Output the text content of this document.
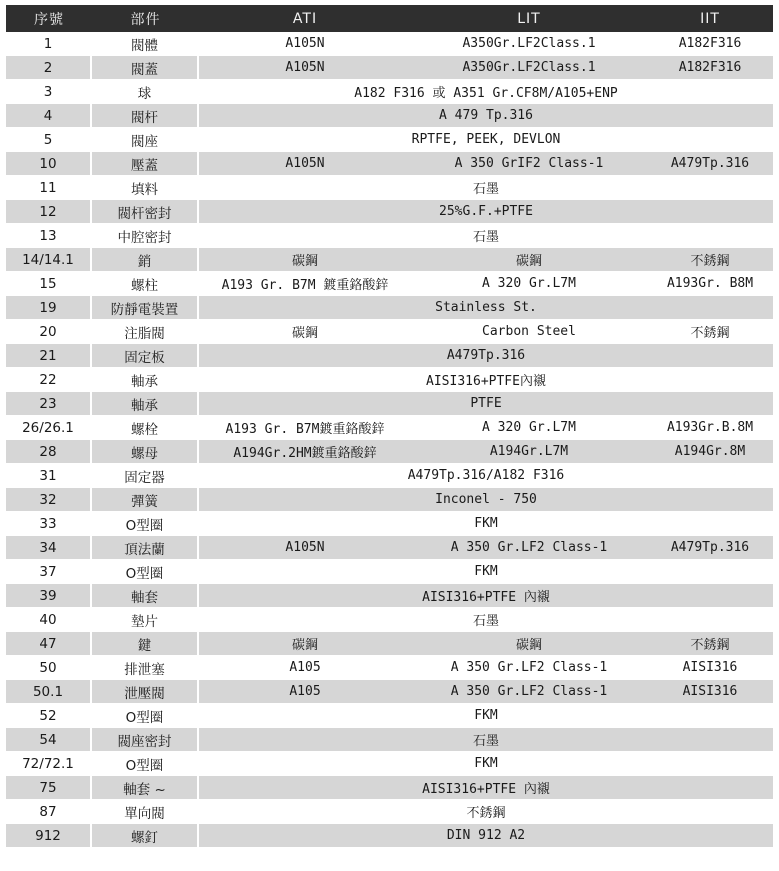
序號	部件	ATI	LIT	IIT
1	閥體	A105N	A350Gr.LF2Class.1	A182F316
2	閥蓋	A105N	A350Gr.LF2Class.1	A182F316
3	球	A182 F316 或 A351 Gr.CF8M/A105+ENP		
4	閥杆	A 479 Tp.316		
5	閥座	RPTFE, PEEK, DEVLON		
10	壓蓋	A105N	A 350 GrIF2 Class-1	A479Tp.316
11	填料	石墨		
12	閥杆密封	25%G.F.+PTFE		
13	中腔密封	石墨		
14/14.1	銷	碳鋼	碳鋼	不銹鋼
15	螺柱	A193 Gr. B7M 鍍重鉻酸鋅	A 320 Gr.L7M	A193Gr. B8M
19	防靜電裝置	Stainless St.		
20	注脂閥	碳鋼	Carbon Steel	不銹鋼
21	固定板	A479Tp.316		
22	軸承	AISI316+PTFE內襯		
23	軸承	PTFE		
26/26.1	螺栓	A193 Gr. B7M鍍重鉻酸鋅	A 320 Gr.L7M	A193Gr.B.8M
28	螺母	A194Gr.2HM鍍重鉻酸鋅	A194Gr.L7M	A194Gr.8M
31	固定器	A479Tp.316/A182 F316		
32	彈簧	Inconel - 750		
33	O型圈	FKM		
34	頂法蘭	A105N	A 350 Gr.LF2 Class-1	A479Tp.316
37	O型圈	FKM		
39	軸套	AISI316+PTFE 內襯		
40	墊片	石墨		
47	鍵	碳鋼	碳鋼	不銹鋼
50	排泄塞	A105	A 350 Gr.LF2 Class-1	AISI316
50.1	泄壓閥	A105	A 350 Gr.LF2 Class-1	AISI316
52	O型圈	FKM		
54	閥座密封	石墨		
72/72.1	O型圈	FKM		
75	軸套 ~	AISI316+PTFE 內襯		
87	單向閥	不銹鋼		
912	螺釘	DIN 912 A2		
